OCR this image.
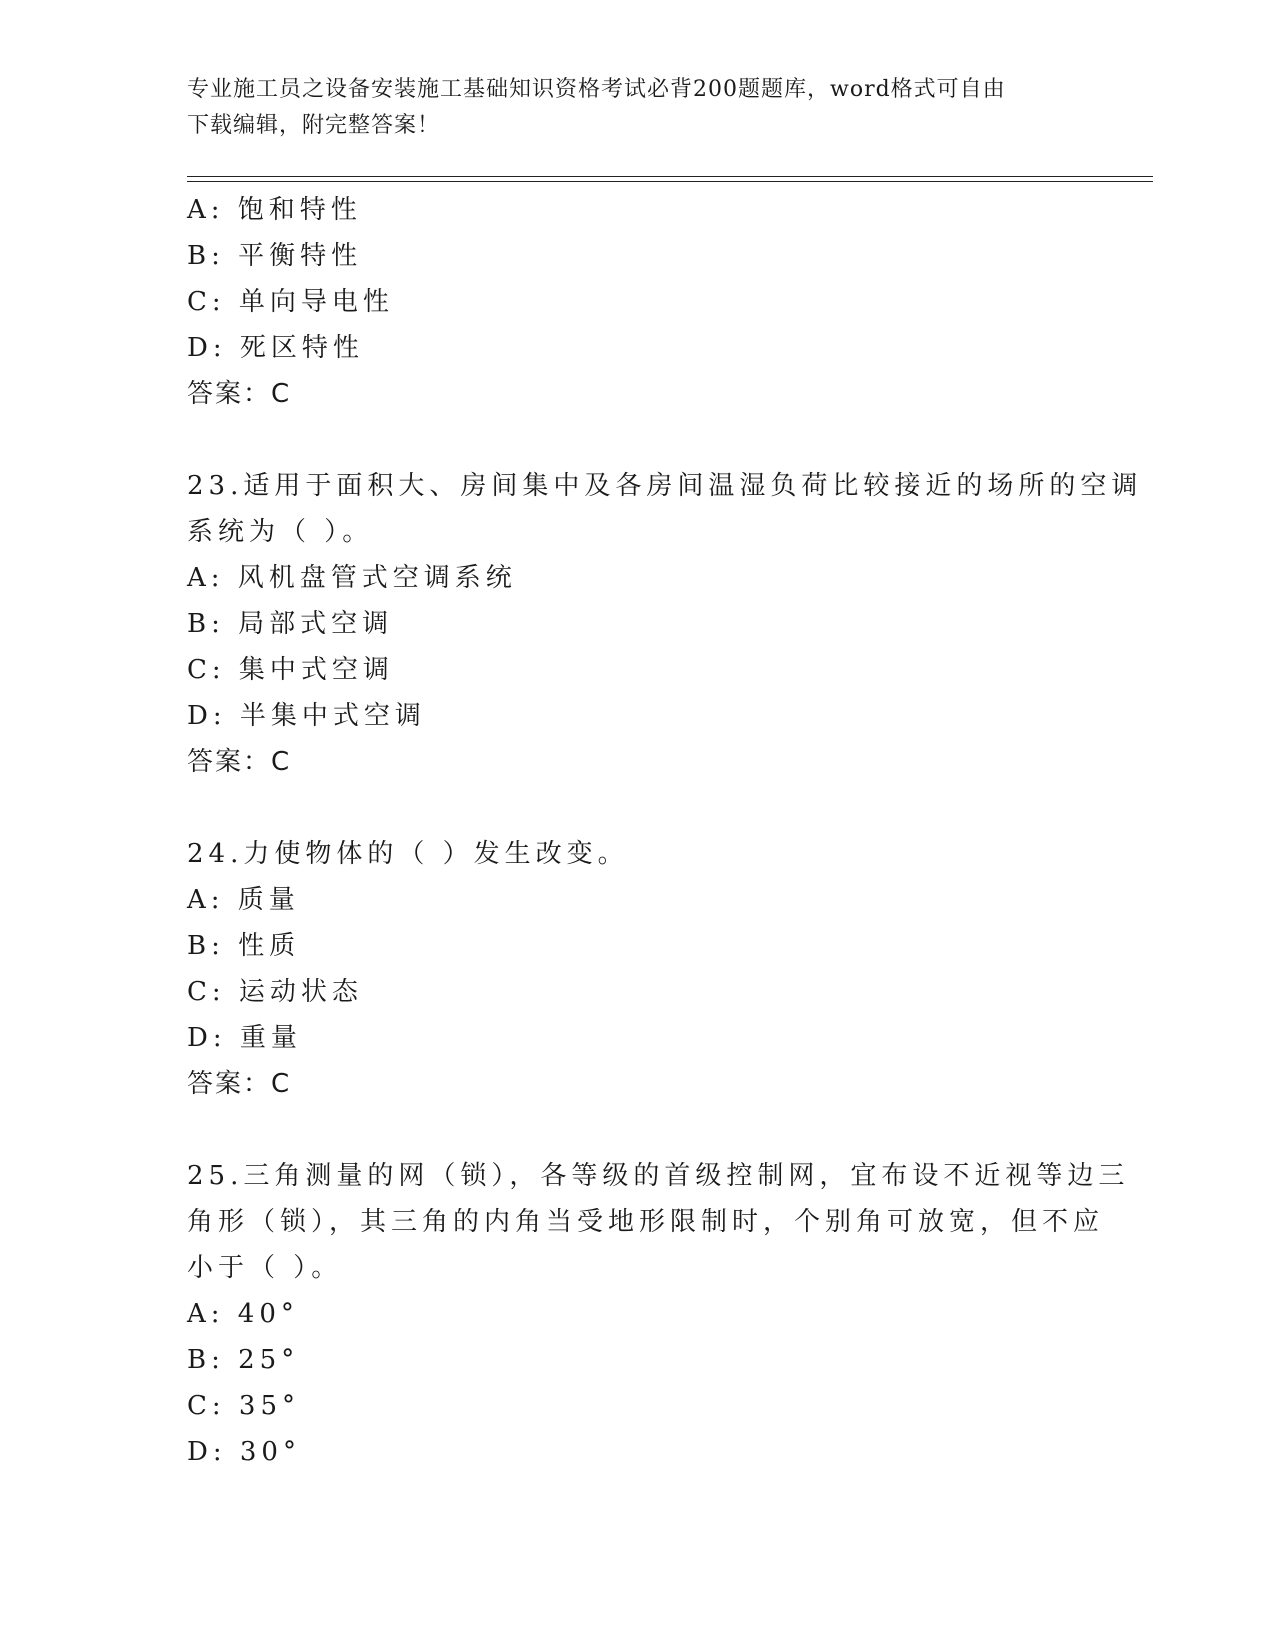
专业施工员之设备安装施工基础知识资格考试必背200题题库，word格式可自由
下载编辑，附完整答案！
A: 饱和特性
B: 平衡特性
C: 单向导电性
D: 死区特性
答案：C
23.适用于面积大、房间集中及各房间温湿负荷比较接近的场所的空调
系统为（ ）。
A: 风机盘管式空调系统
B: 局部式空调
C: 集中式空调
D: 半集中式空调
答案：C
24.力使物体的（ ）发生改变。
A: 质量
B: 性质
C: 运动状态
D: 重量
答案：C
25.三角测量的网（锁），各等级的首级控制网，宜布设不近视等边三
角形（锁），其三角的内角当受地形限制时，个别角可放宽，但不应
小于（ ）。
A: 40°
B: 25°
C: 35°
D: 30°
